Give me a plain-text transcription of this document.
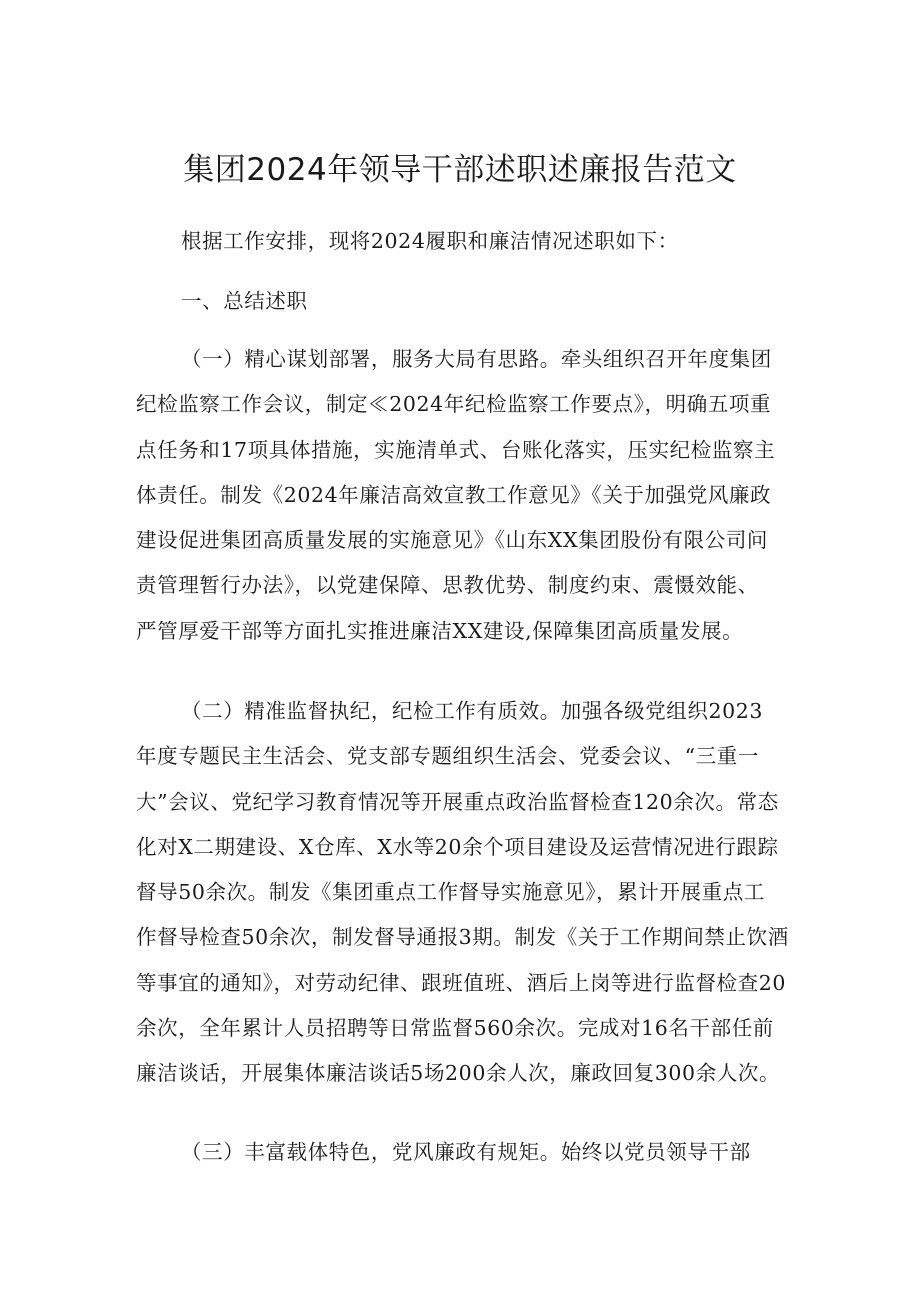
集团2024年领导干部述职述廉报告范文

根据工作安排，现将2024履职和廉洁情况述职如下：

一、总结述职

（一）精心谋划部署，服务大局有思路。牵头组织召开年度集团
纪检监察工作会议，制定≪2024年纪检监察工作要点》，明确五项重
点任务和17项具体措施，实施清单式、台账化落实，压实纪检监察主
体责任。制发《2024年廉洁高效宣教工作意见》《关于加强党风廉政
建设促进集团高质量发展的实施意见》《山东XX集团股份有限公司问
责管理暂行办法》，以党建保障、思教优势、制度约束、震慑效能、
严管厚爱干部等方面扎实推进廉洁XX建设,保障集团高质量发展。

（二）精准监督执纪，纪检工作有质效。加强各级党组织2023
年度专题民主生活会、党支部专题组织生活会、党委会议、“三重一
大”会议、党纪学习教育情况等开展重点政治监督检查120余次。常态
化对X二期建设、X仓库、X水等20余个项目建设及运营情况进行跟踪
督导50余次。制发《集团重点工作督导实施意见》，累计开展重点工
作督导检查50余次，制发督导通报3期。制发《关于工作期间禁止饮酒
等事宜的通知》，对劳动纪律、跟班值班、酒后上岗等进行监督检查20
余次，全年累计人员招聘等日常监督560余次。完成对16名干部任前
廉洁谈话，开展集体廉洁谈话5场200余人次，廉政回复300余人次。

（三）丰富载体特色，党风廉政有规矩。始终以党员领导干部
